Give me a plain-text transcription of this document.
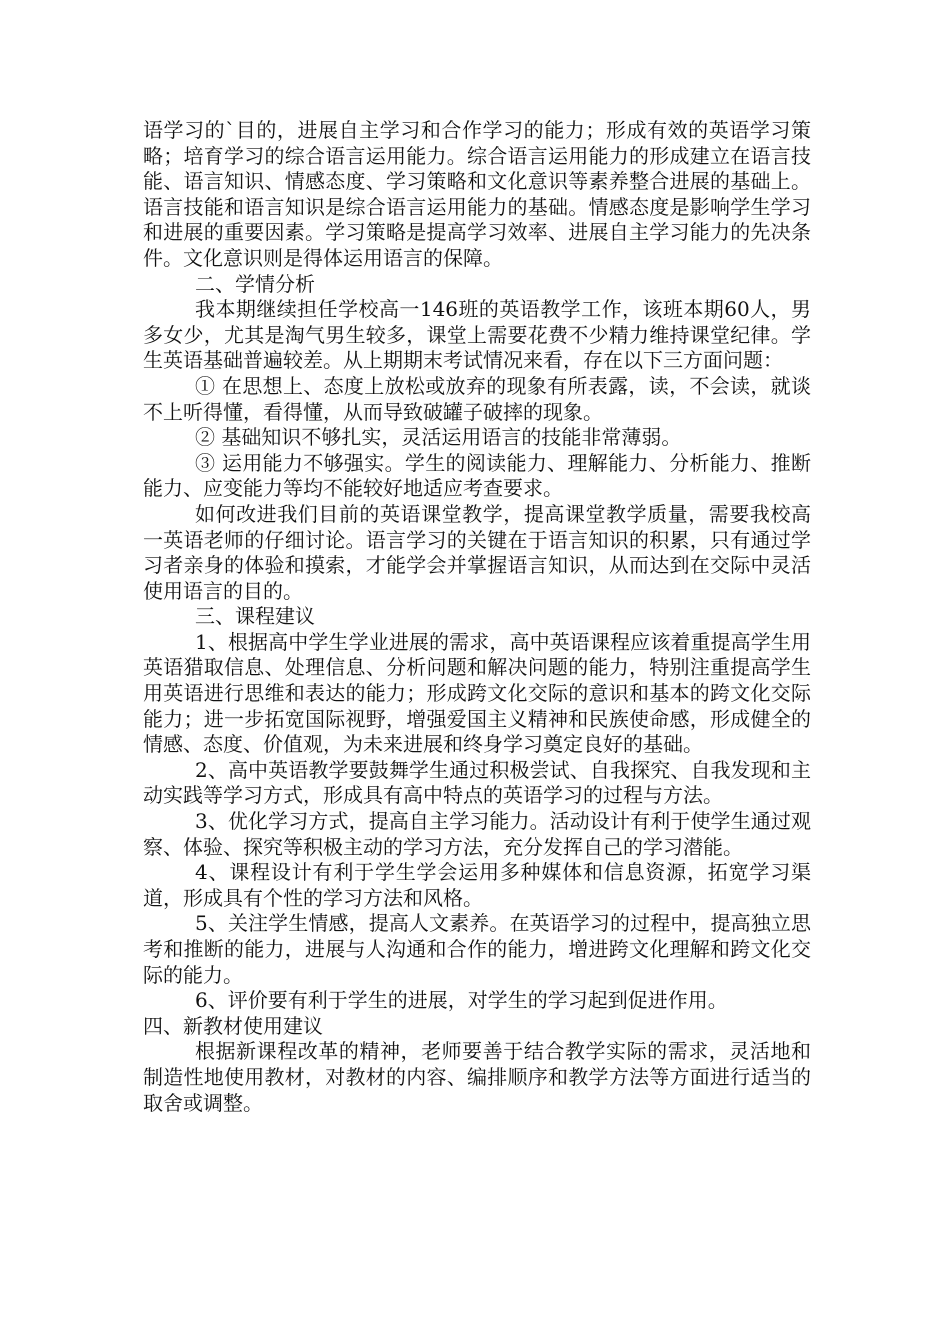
语学习的`目的，进展自主学习和合作学习的能力；形成有效的英语学习策略；培育学习的综合语言运用能力。综合语言运用能力的形成建立在语言技能、语言知识、情感态度、学习策略和文化意识等素养整合进展的基础上。语言技能和语言知识是综合语言运用能力的基础。情感态度是影响学生学习和进展的重要因素。学习策略是提高学习效率、进展自主学习能力的先决条件。文化意识则是得体运用语言的保障。

二、学情分析

我本期继续担任学校高一146班的英语教学工作，该班本期60人，男多女少，尤其是淘气男生较多，课堂上需要花费不少精力维持课堂纪律。学生英语基础普遍较差。从上期期末考试情况来看，存在以下三方面问题：

① 在思想上、态度上放松或放弃的现象有所表露，读，不会读，就谈不上听得懂，看得懂，从而导致破罐子破摔的现象。

② 基础知识不够扎实，灵活运用语言的技能非常薄弱。

③ 运用能力不够强实。学生的阅读能力、理解能力、分析能力、推断能力、应变能力等均不能较好地适应考查要求。

如何改进我们目前的英语课堂教学，提高课堂教学质量，需要我校高一英语老师的仔细讨论。语言学习的关键在于语言知识的积累，只有通过学习者亲身的体验和摸索，才能学会并掌握语言知识，从而达到在交际中灵活使用语言的目的。

三、课程建议

1、根据高中学生学业进展的需求，高中英语课程应该着重提高学生用英语猎取信息、处理信息、分析问题和解决问题的能力，特别注重提高学生用英语进行思维和表达的能力；形成跨文化交际的意识和基本的跨文化交际能力；进一步拓宽国际视野，增强爱国主义精神和民族使命感，形成健全的情感、态度、价值观，为未来进展和终身学习奠定良好的基础。

2、高中英语教学要鼓舞学生通过积极尝试、自我探究、自我发现和主动实践等学习方式，形成具有高中特点的英语学习的过程与方法。

3、优化学习方式，提高自主学习能力。活动设计有利于使学生通过观察、体验、探究等积极主动的学习方法，充分发挥自己的学习潜能。

4、课程设计有利于学生学会运用多种媒体和信息资源，拓宽学习渠道，形成具有个性的学习方法和风格。

5、关注学生情感，提高人文素养。在英语学习的过程中，提高独立思考和推断的能力，进展与人沟通和合作的能力，增进跨文化理解和跨文化交际的能力。

6、评价要有利于学生的进展，对学生的学习起到促进作用。

四、新教材使用建议

根据新课程改革的精神，老师要善于结合教学实际的需求，灵活地和制造性地使用教材，对教材的内容、编排顺序和教学方法等方面进行适当的取舍或调整。
